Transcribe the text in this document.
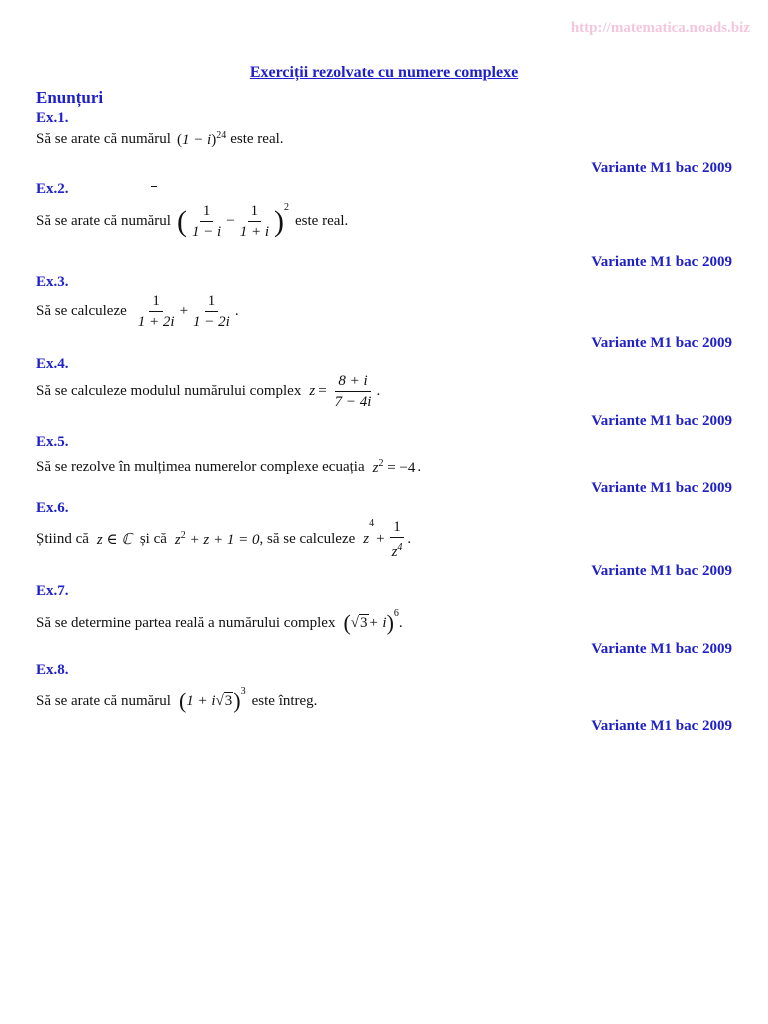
http://matematica.noads.biz
Exerciții rezolvate cu numere complexe
Enunțuri
Ex.1.
Să se arate că numărul $(1 - i)^{24}$ este real.
Variante M1 bac 2009
Ex.2.
Să se arate că numărul ( $\frac{1}{1 - i} - \frac{1}{1 + i} )^2$
este real.
Variante M1 bac 2009
Ex.3.
Să se calculeze $\frac{1}{1 + 2i} + \frac{1}{1 - 2i}$ .
Variante M1 bac 2009
Ex.4.
Să se calculeze modulul numărului complex $z = \frac{8 + i}{7 - 4i}$ .
Variante M1 bac 2009
Ex.5.
Să se rezolve în mulțimea numerelor complexe ecuația $z^2 = -4$ .
Variante M1 bac 2009
Ex.6.
Știind că z ∈ ℂ și că $z^2 + z + 1 = 0$ , să se calculeze z
4
+ $\frac{1}{z^4}$ .
Variante M1 bac 2009
Ex.7.
Să se determine partea reală a numărului complex ( √ 3 + i )$^6$
.
Variante M1 bac 2009
Ex.8.
Să se arate că numărul ( 1 + i √ 3 )$^3$
este întreg.
Variante M1 bac 2009
